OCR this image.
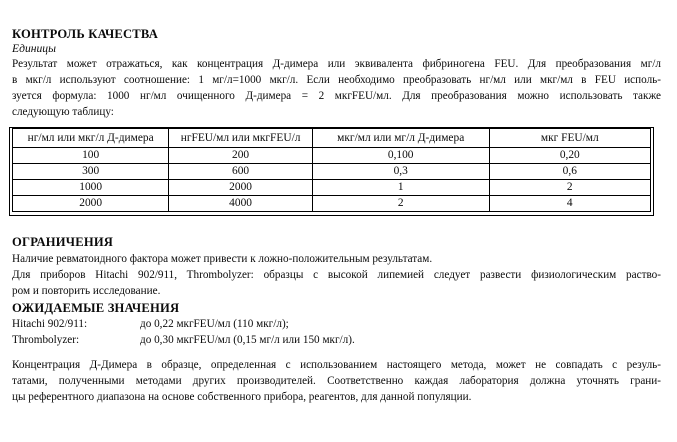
КОНТРОЛЬ КАЧЕСТВА
Единицы
Результат может отражаться, как концентрация Д-димера или эквивалента фибриногена FEU. Для преобразования мг/л
в мкг/л используют соотношение: 1 мг/л=1000 мкг/л. Если необходимо преобразовать нг/мл или мкг/мл в FEU исполь-
зуется формула: 1000 нг/мл очищенного Д-димера = 2 мкгFEU/мл. Для преобразования можно использовать также
следующую таблицу:
нг/мл или мкг/л Д-димера	нгFEU/мл или мкгFEU/л	мкг/мл или мг/л Д-димера	мкг FEU/мл
100	200	0,100	0,20
300	600	0,3	0,6
1000	2000	1	2
2000	4000	2	4
ОГРАНИЧЕНИЯ
Наличие ревматоидного фактора может привести к ложно-положительным результатам.
Для приборов Hitachi 902/911, Thrombolyzer: образцы с высокой липемией следует развести физиологическим раство-
ром и повторить исследование.
ОЖИДАЕМЫЕ ЗНАЧЕНИЯ
Hitachi 902/911:	до 0,22 мкгFEU/мл (110 мкг/л);
Thrombolyzer:	до 0,30 мкгFEU/мл (0,15 мг/л или 150 мкг/л).
Концентрация Д-Димера в образце, определенная с использованием настоящего метода, может не совпадать с резуль-
татами, полученными методами других производителей. Соответственно каждая лаборатория должна уточнять грани-
цы референтного диапазона на основе собственного прибора, реагентов, для данной популяции.
